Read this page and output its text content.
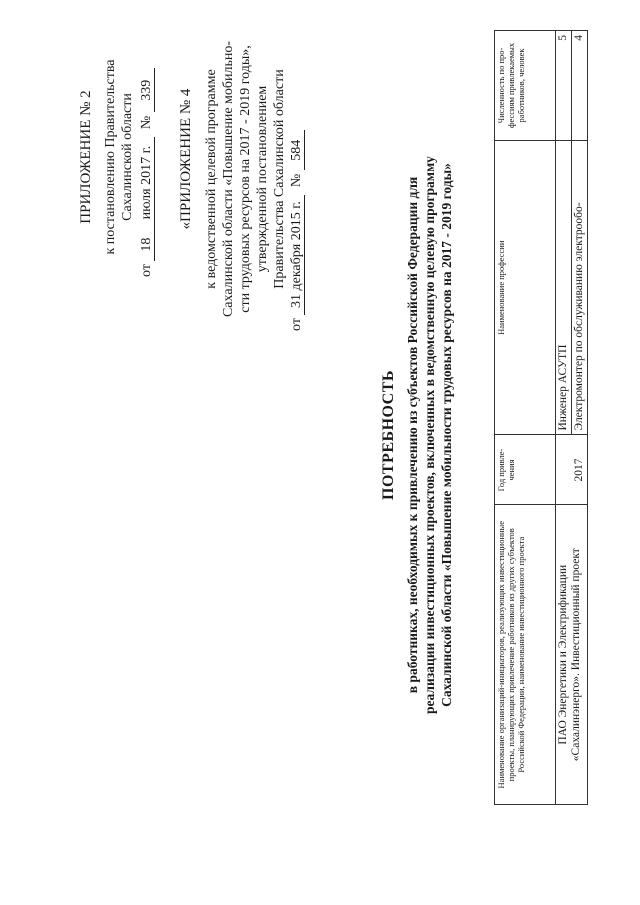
ПРИЛОЖЕНИЕ № 2 к постановлению Правительства Сахалинской области
от 18июля 2017 г. № 339 «ПРИЛОЖЕНИЕ № 4 к ведомственной целевой программе Сахалинской области «Повышение мобильно- сти трудовых ресурсов на 2017 - 2019 годы», утвержденной постановлением Правительства Сахалинской области
от 31 декабря 2015 г. № 584
ПОТРЕБНОСТЬ в работниках, необходимых к привлечению из субъектов Российской Федерации для реализации инвестиционных проектов, включенных в ведомственную целевую программу Сахалинской области «Повышение мобильности трудовых ресурсов на 2017 - 2019 годы»	Наименование организаций-инициаторов, реализующих инвестиционные проекты, планирующих привлечение работников из других субъектов Российской Федерации, наименование инвестиционного проекта	Год привле-чения	Наименование профессии	Численность по про-фессиям привлекаемых работников, человек

ПАО Энергетики и Электрификации «Сахалинэнерго». Инвестиционный проект	2017	Инженер АСУТП	5
		Электромонтер по обслуживанию электрообо-	4
